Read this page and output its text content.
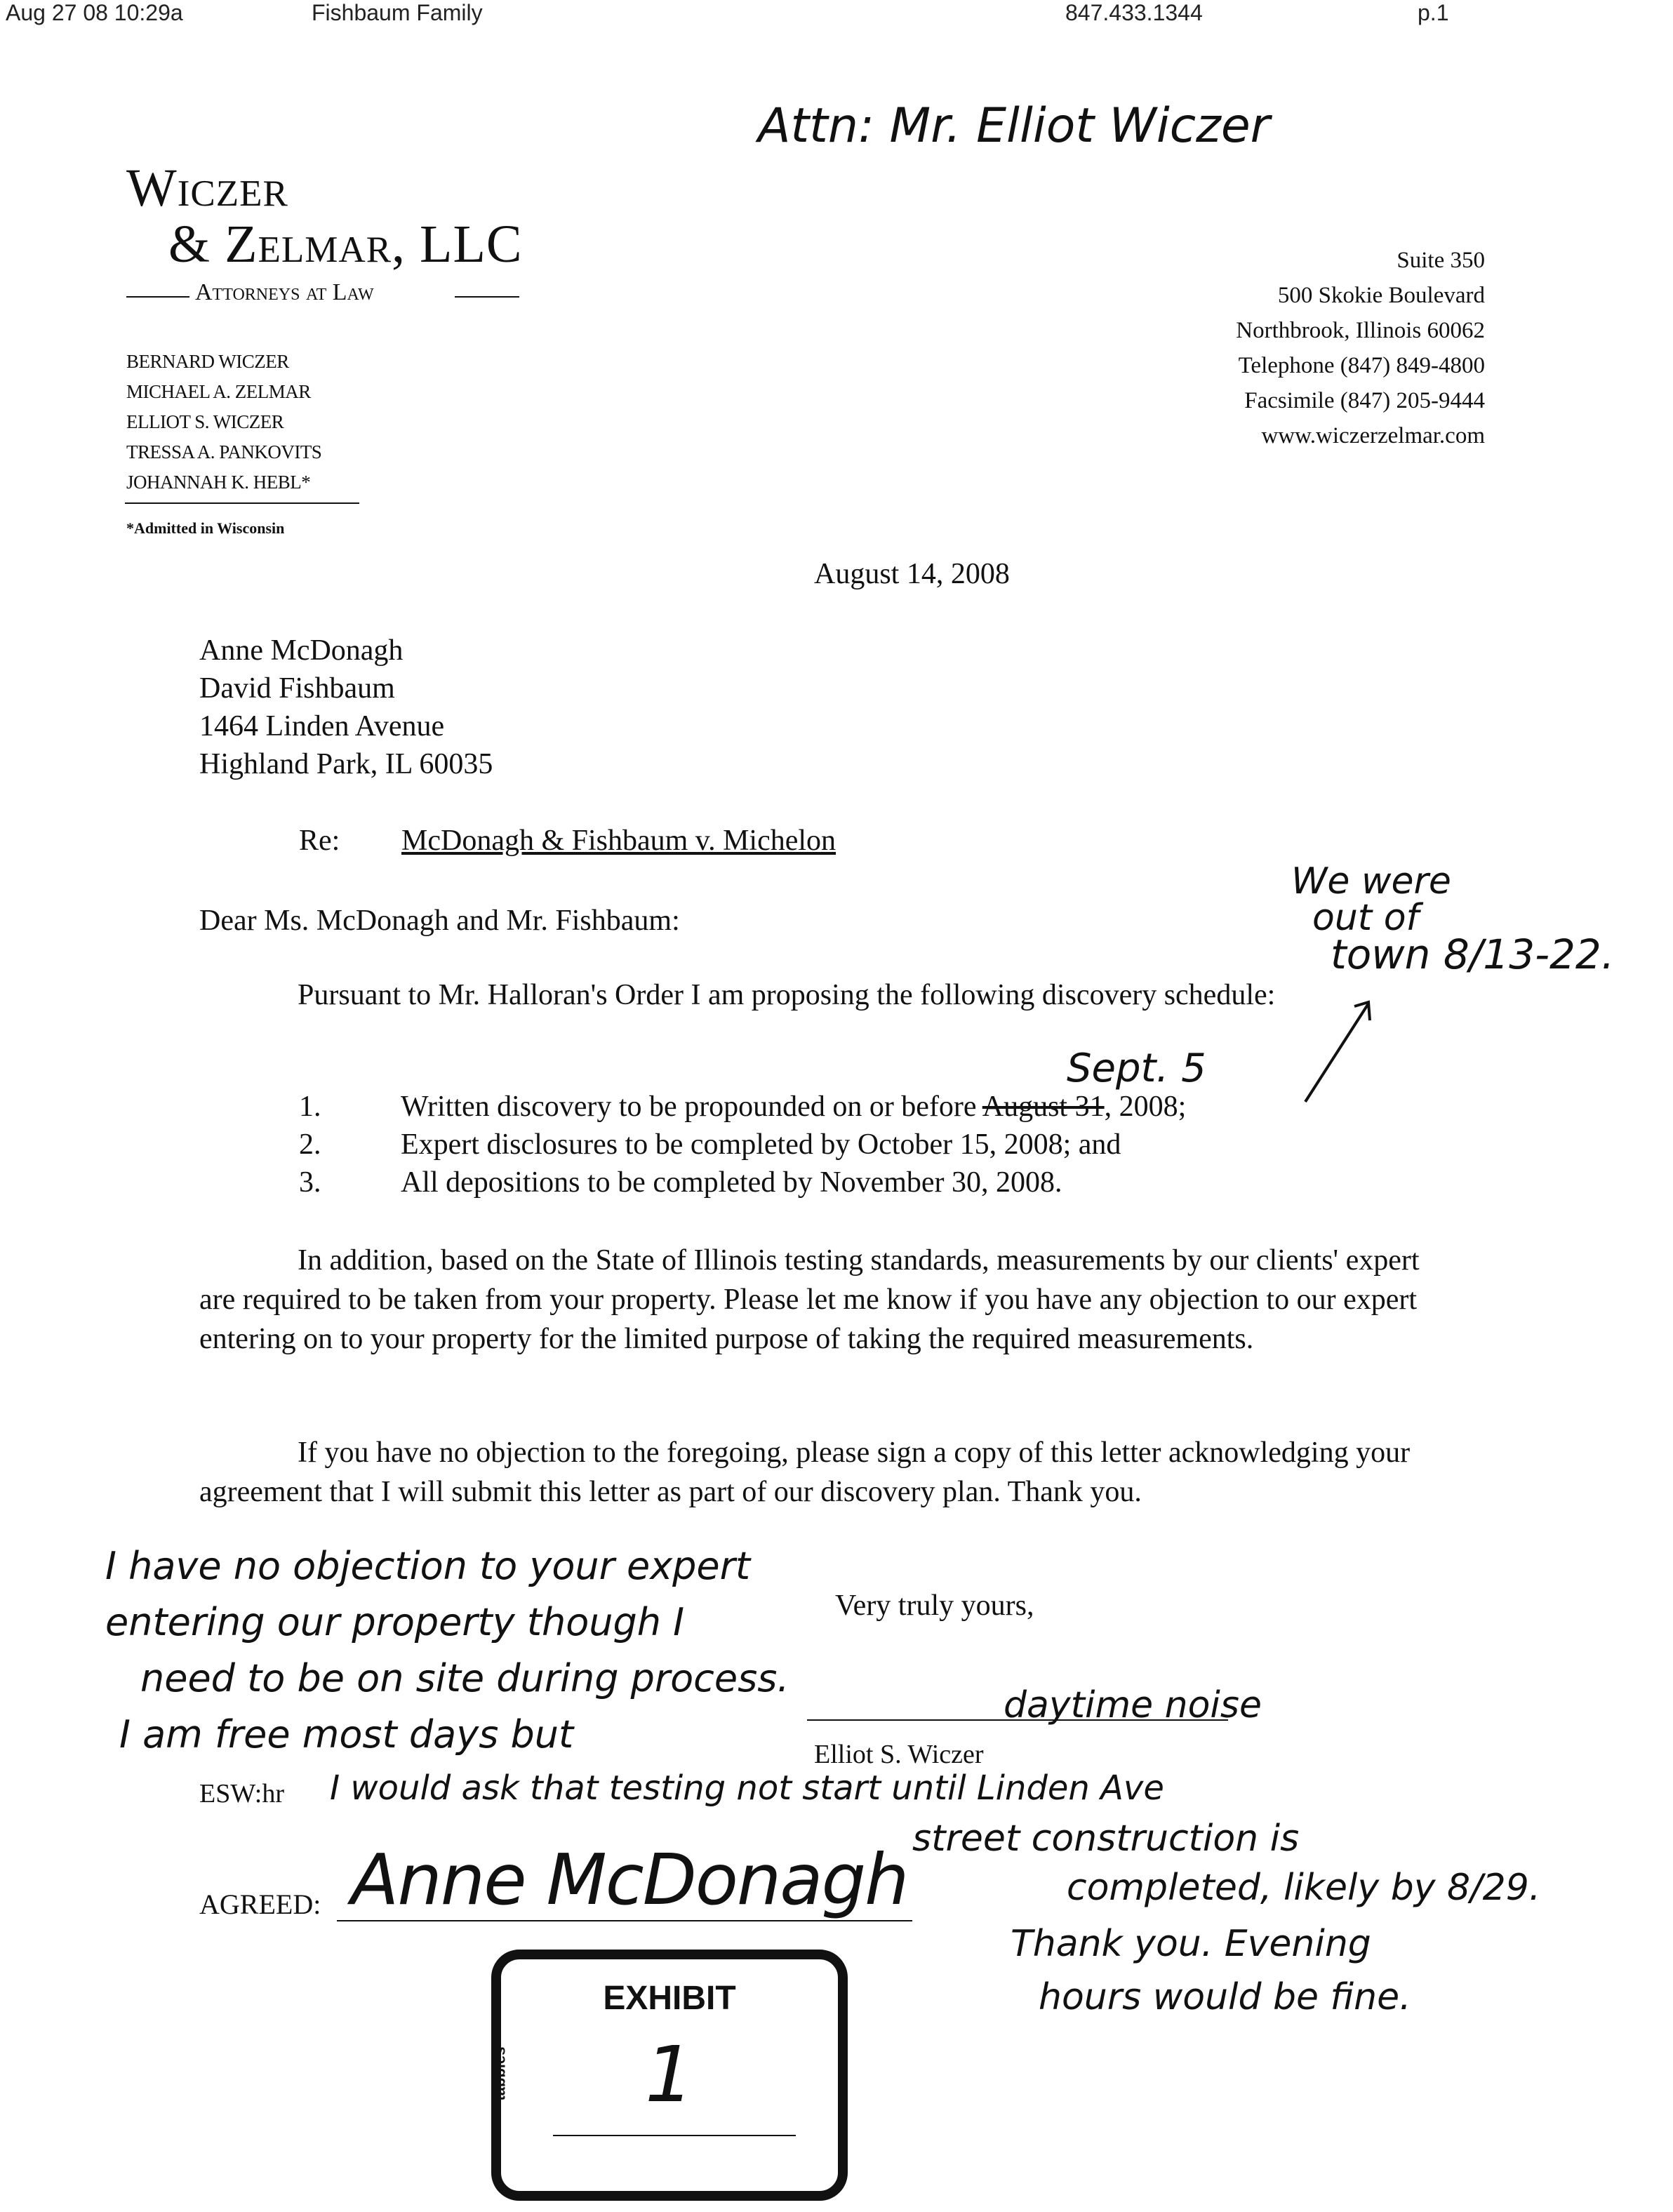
Aug 27 08 10:29a	Fishbaum Family	847.433.1344	p.1
Attn: Mr. Elliot Wiczer
Wiczer
& Zelmar, LLC
Attorneys at Law
BERNARD WICZER
MICHAEL A. ZELMAR
ELLIOT S. WICZER
TRESSA A. PANKOVITS
JOHANNAH K. HEBL*
*Admitted in Wisconsin
Suite 350
500 Skokie Boulevard
Northbrook, Illinois 60062
Telephone (847) 849-4800
Facsimile (847) 205-9444
www.wiczerzelmar.com
August 14, 2008
Anne McDonagh
David Fishbaum
1464 Linden Avenue
Highland Park, IL 60035
Re: McDonagh & Fishbaum v. Michelon
Dear Ms. McDonagh and Mr. Fishbaum:
We were
out of
town 8/13-22.
Pursuant to Mr. Halloran's Order I am proposing the following discovery schedule:
Sept. 5
1.	Written discovery to be propounded on or before August 31, 2008;
2.	Expert disclosures to be completed by October 15, 2008; and
3.	All depositions to be completed by November 30, 2008.
In addition, based on the State of Illinois testing standards, measurements by our clients' expert are required to be taken from your property. Please let me know if you have any objection to our expert entering on to your property for the limited purpose of taking the required measurements.
If you have no objection to the foregoing, please sign a copy of this letter acknowledging your agreement that I will submit this letter as part of our discovery plan. Thank you.
Very truly yours,
Elliot S. Wiczer
ESW:hr
AGREED: Anne McDonagh
I have no objection to your expert
entering our property though I
need to be on site during process.
I am free most days but
daytime noise
I would ask that testing not start until Linden Ave
street construction is
completed, likely by 8/29.
Thank you. Evening
hours would be fine.
EXHIBIT
tabbies	1
